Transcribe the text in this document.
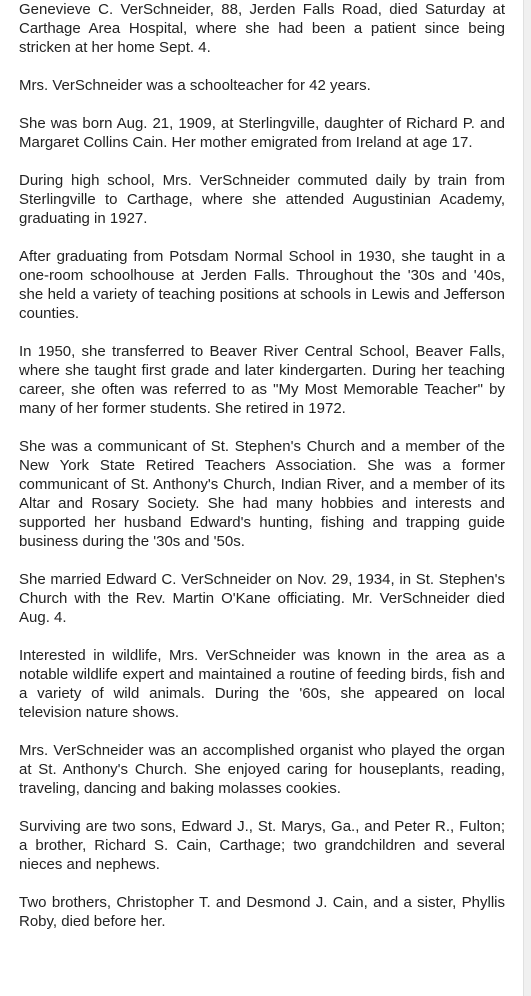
Genevieve C. VerSchneider, 88, Jerden Falls Road, died Saturday at Carthage Area Hospital, where she had been a patient since being stricken at her home Sept. 4.

Mrs. VerSchneider was a schoolteacher for 42 years.

She was born Aug. 21, 1909, at Sterlingville, daughter of Richard P. and Margaret Collins Cain. Her mother emigrated from Ireland at age 17.

During high school, Mrs. VerSchneider commuted daily by train from Sterlingville to Carthage, where she attended Augustinian Academy, graduating in 1927.

After graduating from Potsdam Normal School in 1930, she taught in a one-room schoolhouse at Jerden Falls. Throughout the '30s and '40s, she held a variety of teaching positions at schools in Lewis and Jefferson counties.

In 1950, she transferred to Beaver River Central School, Beaver Falls, where she taught first grade and later kindergarten. During her teaching career, she often was referred to as "My Most Memorable Teacher" by many of her former students. She retired in 1972.

She was a communicant of St. Stephen's Church and a member of the New York State Retired Teachers Association. She was a former communicant of St. Anthony's Church, Indian River, and a member of its Altar and Rosary Society. She had many hobbies and interests and supported her husband Edward's hunting, fishing and trapping guide business during the '30s and '50s.

She married Edward C. VerSchneider on Nov. 29, 1934, in St. Stephen's Church with the Rev. Martin O'Kane officiating. Mr. VerSchneider died Aug. 4.

Interested in wildlife, Mrs. VerSchneider was known in the area as a notable wildlife expert and maintained a routine of feeding birds, fish and a variety of wild animals. During the '60s, she appeared on local television nature shows.

Mrs. VerSchneider was an accomplished organist who played the organ at St. Anthony's Church. She enjoyed caring for houseplants, reading, traveling, dancing and baking molasses cookies.

Surviving are two sons, Edward J., St. Marys, Ga., and Peter R., Fulton; a brother, Richard S. Cain, Carthage; two grandchildren and several nieces and nephews.

Two brothers, Christopher T. and Desmond J. Cain, and a sister, Phyllis Roby, died before her.
